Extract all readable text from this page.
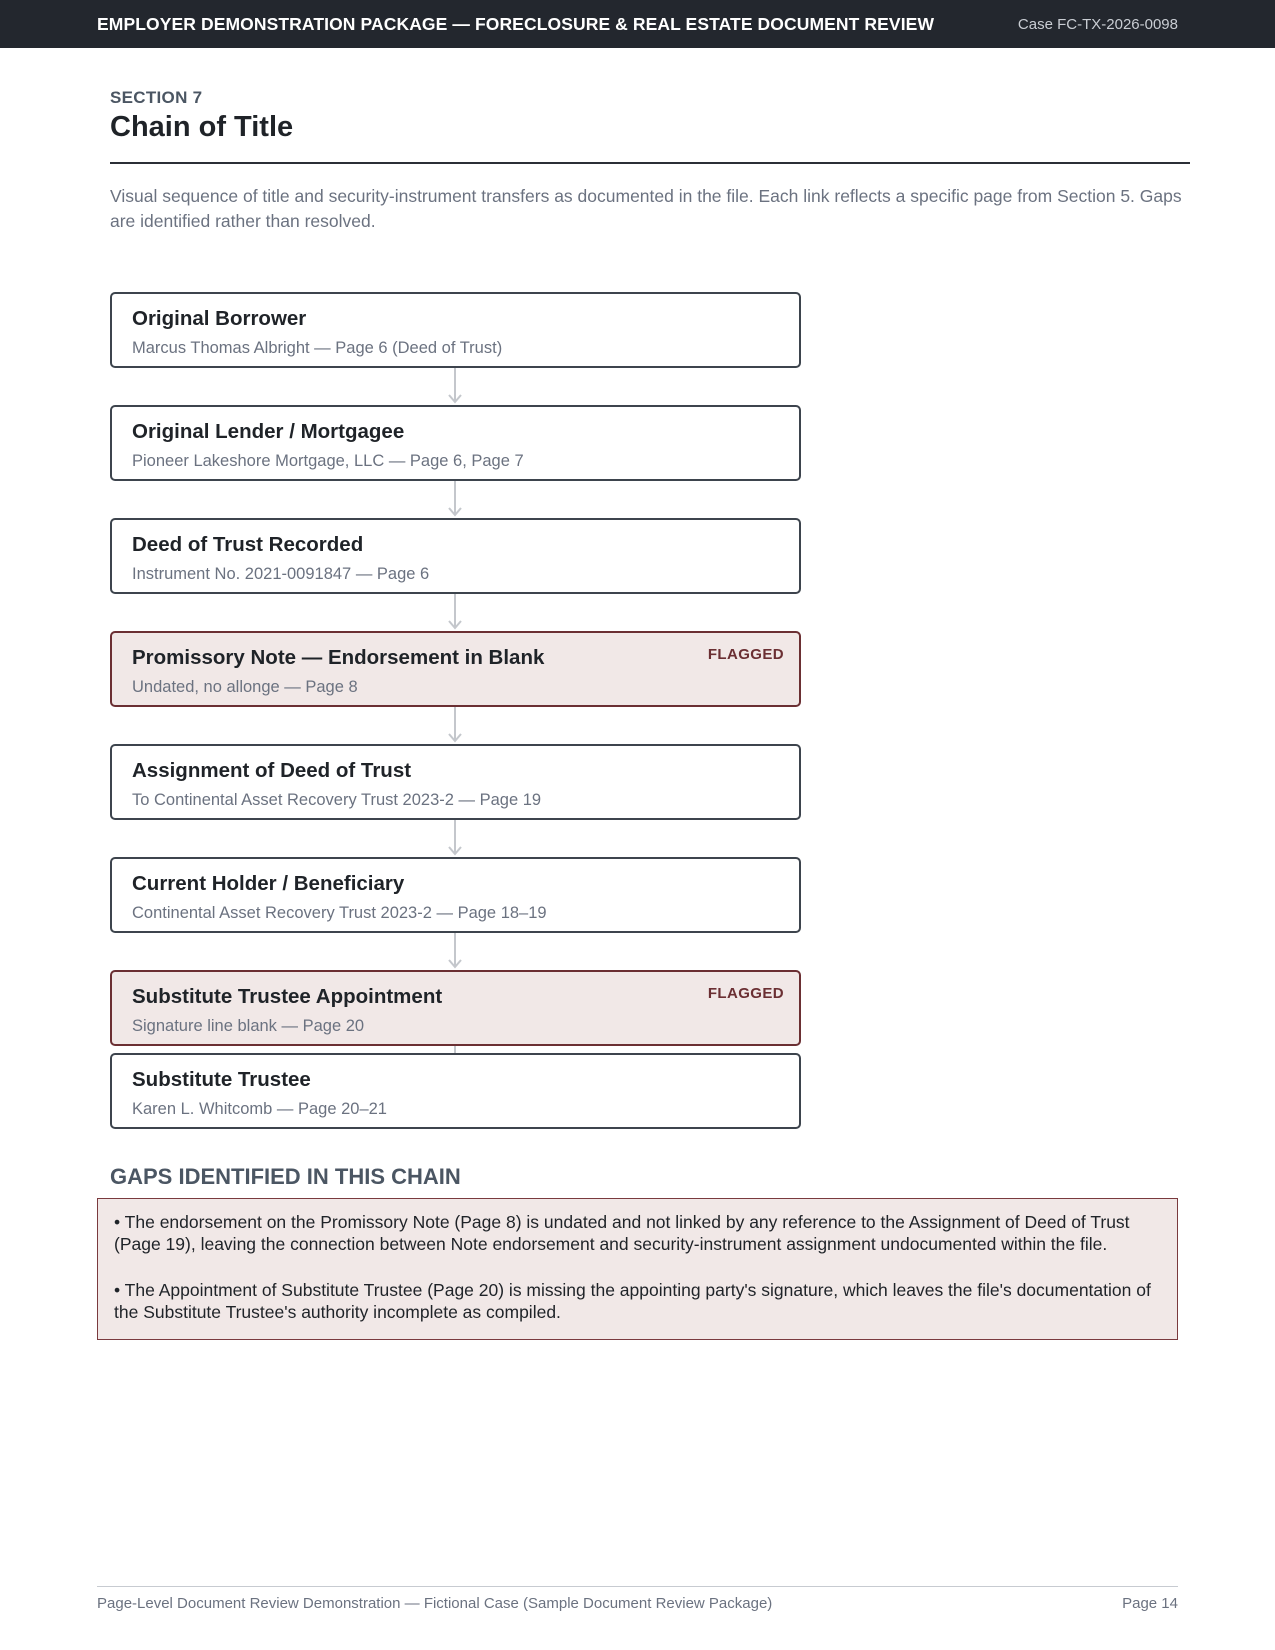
EMPLOYER DEMONSTRATION PACKAGE — FORECLOSURE & REAL ESTATE DOCUMENT REVIEW	Case FC-TX-2026-0098
SECTION 7
Chain of Title
Visual sequence of title and security-instrument transfers as documented in the file. Each link reflects a specific page from Section 5. Gaps are identified rather than resolved.
Original Borrower
Marcus Thomas Albright — Page 6 (Deed of Trust)
Original Lender / Mortgagee
Pioneer Lakeshore Mortgage, LLC — Page 6, Page 7
Deed of Trust Recorded
Instrument No. 2021-0091847 — Page 6
Promissory Note — Endorsement in Blank
Undated, no allonge — Page 8
FLAGGED
Assignment of Deed of Trust
To Continental Asset Recovery Trust 2023-2 — Page 19
Current Holder / Beneficiary
Continental Asset Recovery Trust 2023-2 — Page 18–19
Substitute Trustee Appointment
Signature line blank — Page 20
FLAGGED
Substitute Trustee
Karen L. Whitcomb — Page 20–21
GAPS IDENTIFIED IN THIS CHAIN

• The endorsement on the Promissory Note (Page 8) is undated and not linked by any reference to the Assignment of Deed of Trust (Page 19), leaving the connection between Note endorsement and security-instrument assignment undocumented within the file.

• The Appointment of Substitute Trustee (Page 20) is missing the appointing party's signature, which leaves the file's documentation of the Substitute Trustee's authority incomplete as compiled.

Page-Level Document Review Demonstration — Fictional Case (Sample Document Review Package)	Page 14
